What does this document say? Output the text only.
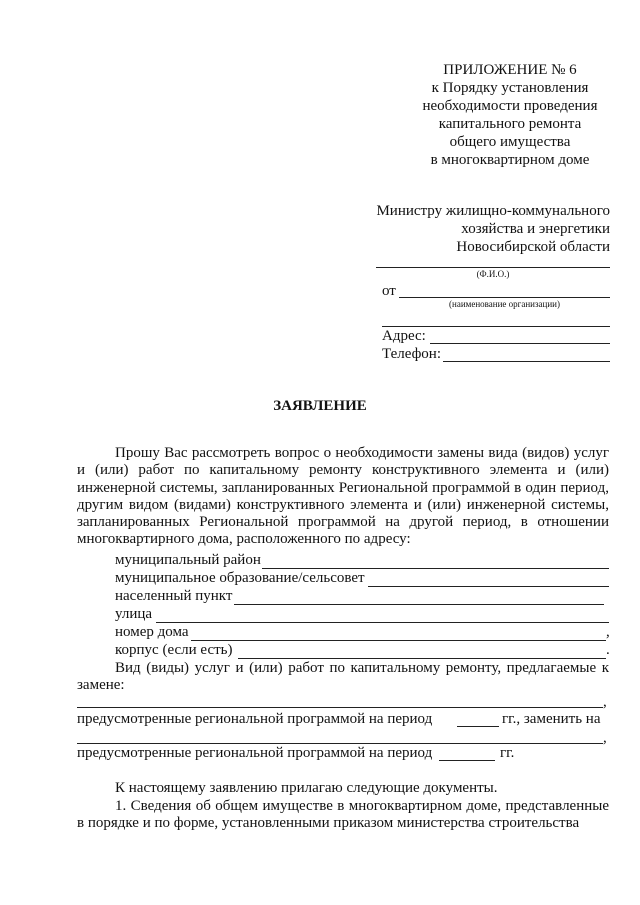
ПРИЛОЖЕНИЕ № 6
к Порядку установления
необходимости проведения
капитального ремонта
общего имущества
в многоквартирном доме
Министру жилищно-коммунального
хозяйства и энергетики
Новосибирской области
(Ф.И.О.)
от
(наименование организации)
Адрес:
Телефон:
ЗАЯВЛЕНИЕ
Прошу Вас рассмотреть вопрос о необходимости замены вида (видов) услуг и (или) работ по капитальному ремонту конструктивного элемента и (или) инженерной системы, запланированных Региональной программой в один период, другим видом (видами) конструктивного элемента и (или) инженерной системы, запланированных Региональной программой на другой период, в отношении многоквартирного дома, расположенного по адресу:
муниципальный район
муниципальное образование/сельсовет
населенный пункт
улица
номер дома	,
корпус (если есть)	.
Вид (виды) услуг и (или) работ по капитальному ремонту, предлагаемые к замене:
,
предусмотренные региональной программой на период	гг., заменить на
,
предусмотренные региональной программой на период	гг.
К настоящему заявлению прилагаю следующие документы.
1. Сведения об общем имуществе в многоквартирном доме, представленные в порядке и по форме, установленными приказом министерства строительства
